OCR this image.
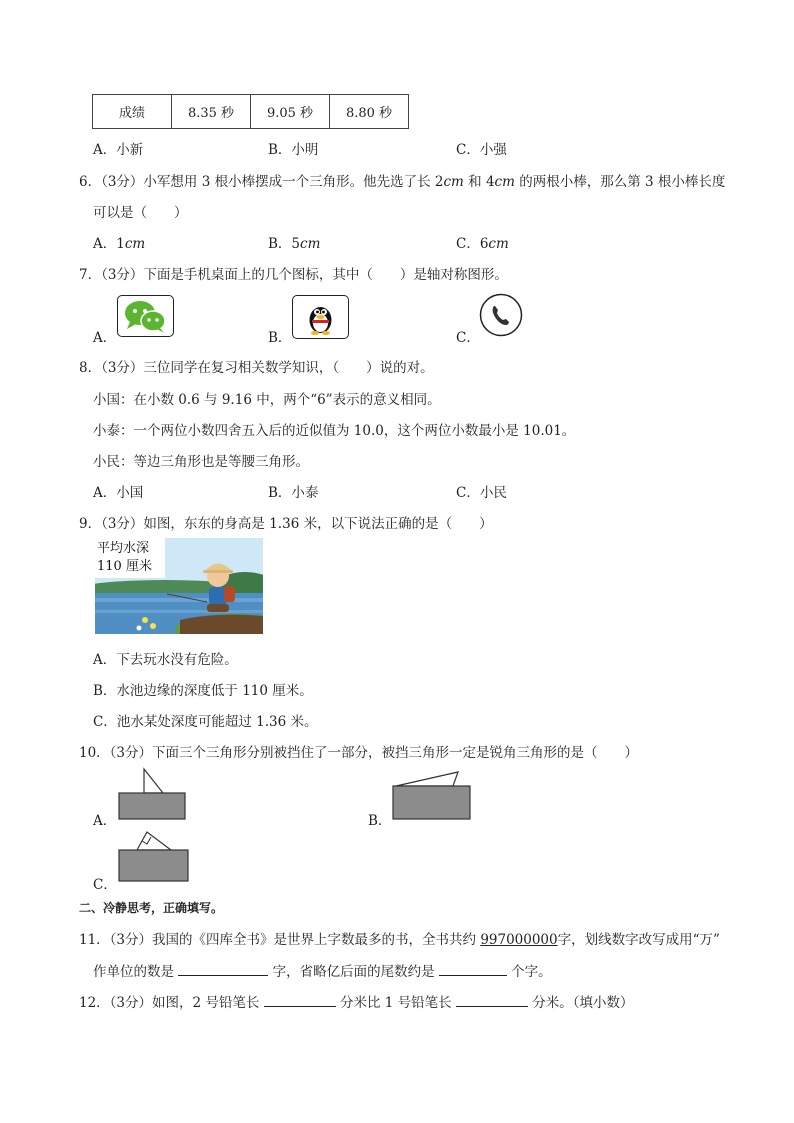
成绩	8.35 秒	9.05 秒	8.80 秒
A．小新	B．小明	C．小强
6．（3分）小军想用 3 根小棒摆成一个三角形。他先选了长 2cm 和 4cm 的两根小棒，那么第 3 根小棒长度
可以是（　　）
A．1cm	B．5cm	C．6cm
7．（3分）下面是手机桌面上的几个图标，其中（　　）是轴对称图形。
A．	B．	C．
8．（3分）三位同学在复习相关数学知识，（　　）说的对。
小国：在小数 0.6 与 9.16 中，两个“6”表示的意义相同。
小泰：一个两位小数四舍五入后的近似值为 10.0，这个两位小数最小是 10.01。
小民：等边三角形也是等腰三角形。
A．小国	B．小泰	C．小民
9．（3分）如图，东东的身高是 1.36 米，以下说法正确的是（　　）
平均水深
110 厘米
A．下去玩水没有危险。
B．水池边缘的深度低于 110 厘米。
C．池水某处深度可能超过 1.36 米。
10．（3分）下面三个三角形分别被挡住了一部分，被挡三角形一定是锐角三角形的是（　　）
A．	B．
C．
二、冷静思考，正确填写。
11．（3分）我国的《四库全书》是世界上字数最多的书，全书共约 997000000字，划线数字改写成用“万”
作单位的数是	字，省略亿后面的尾数约是	个字。
12．（3分）如图，2 号铅笔长	分米比 1 号铅笔长	分米。（填小数）
